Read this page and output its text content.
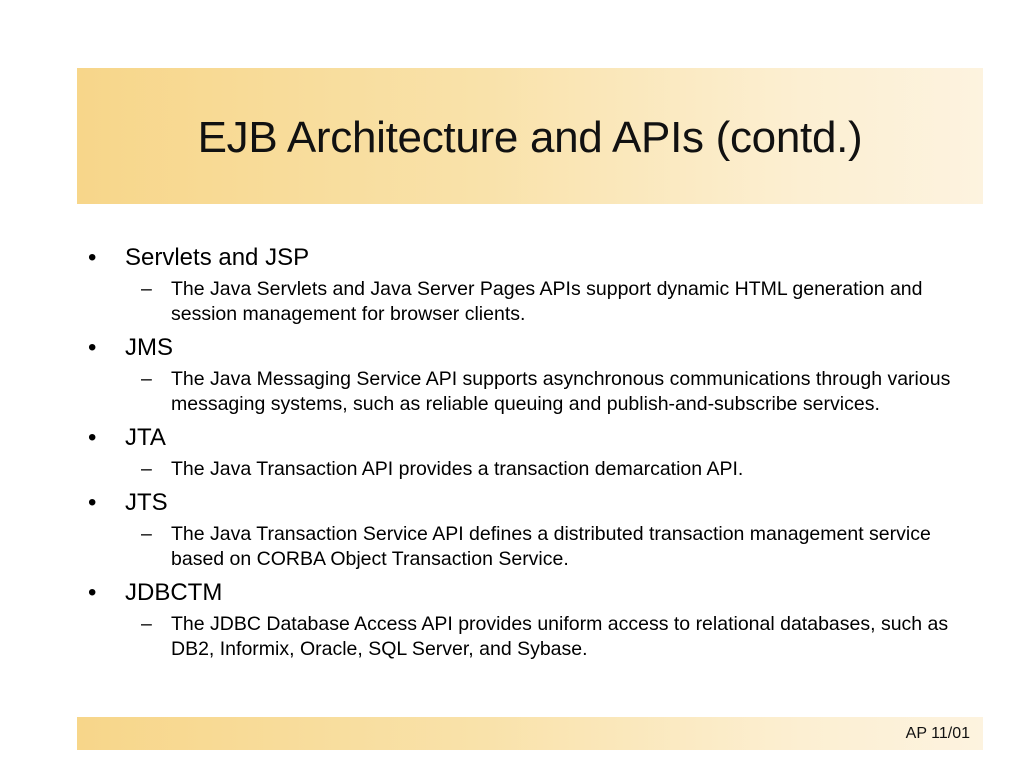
EJB Architecture and APIs (contd.)
•	Servlets and JSP
– The Java Servlets and Java Server Pages APIs support dynamic HTML generation and session management for browser clients.
•	JMS
– The Java Messaging Service API supports asynchronous communications through various messaging systems, such as reliable queuing and publish-and-subscribe services.
•	JTA
– The Java Transaction API provides a transaction demarcation API.
•	JTS
– The Java Transaction Service API defines a distributed transaction management service based on CORBA Object Transaction Service.
•	JDBCTM
– The JDBC Database Access API provides uniform access to relational databases, such as DB2, Informix, Oracle, SQL Server, and Sybase.
AP 11/01
